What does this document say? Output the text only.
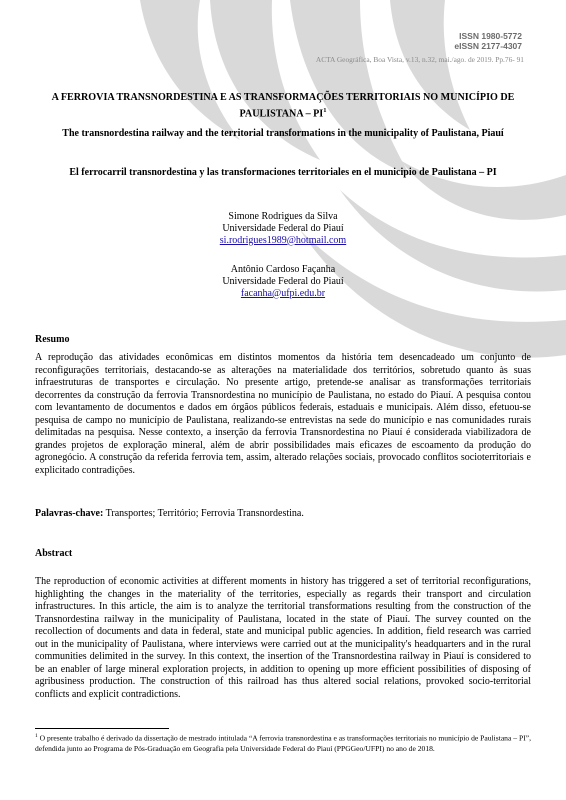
ISSN 1980-5772
eISSN 2177-4307
ACTA Geográfica, Boa Vista, v.13, n.32, mai./ago. de 2019. Pp.76- 91
A FERROVIA TRANSNORDESTINA E AS TRANSFORMAÇÕES TERRITORIAIS NO MUNICÍPIO DE PAULISTANA – $PI^1$
The transnordestina railway and the territorial transformations in the municipality of Paulistana, Piauí
El ferrocarril transnordestina y las transformaciones territoriales en el municipio de Paulistana – PI
Simone Rodrigues da Silva
Universidade Federal do Piauí
si.rodrigues1989@hotmail.com
Antônio Cardoso Façanha
Universidade Federal do Piauí
facanha@ufpi.edu.br
Resumo
A reprodução das atividades econômicas em distintos momentos da história tem desencadeado um conjunto de reconfigurações territoriais, destacando-se as alterações na materialidade dos territórios, sobretudo quanto às suas infraestruturas de transportes e circulação. No presente artigo, pretende-se analisar as transformações territoriais decorrentes da construção da ferrovia Transnordestina no município de Paulistana, no estado do Piauí. A pesquisa contou com levantamento de documentos e dados em órgãos públicos federais, estaduais e municipais. Além disso, efetuou-se pesquisa de campo no município de Paulistana, realizando-se entrevistas na sede do município e nas comunidades rurais delimitadas na pesquisa. Nesse contexto, a inserção da ferrovia Transnordestina no Piauí é considerada viabilizadora de grandes projetos de exploração mineral, além de abrir possibilidades mais eficazes de escoamento da produção do agronegócio. A construção da referida ferrovia tem, assim, alterado relações sociais, provocado conflitos socioterritoriais e explicitado contradições.
Palavras-chave: Transportes; Território; Ferrovia Transnordestina.
Abstract
The reproduction of economic activities at different moments in history has triggered a set of territorial reconfigurations, highlighting the changes in the materiality of the territories, especially as regards their transport and circulation infrastructures. In this article, the aim is to analyze the territorial transformations resulting from the construction of the Transnordestina railway in the municipality of Paulistana, located in the state of Piauí. The survey counted on the recollection of documents and data in federal, state and municipal public agencies. In addition, field research was carried out in the municipality of Paulistana, where interviews were carried out at the municipality's headquarters and in the rural communities delimited in the survey. In this context, the insertion of the Transnordestina railway in Piauí is considered to be an enabler of large mineral exploration projects, in addition to opening up more efficient possibilities of disposing of agribusiness production. The construction of this railroad has thus altered social relations, provoked socio-territorial conflicts and explicit contradictions.
$^1$ O presente trabalho é derivado da dissertação de mestrado intitulada “A ferrovia transnordestina e as transformações territoriais no município de Paulistana – PI”, defendida junto ao Programa de Pós-Graduação em Geografia pela Universidade Federal do Piauí (PPGGeo/UFPI) no ano de 2018.
